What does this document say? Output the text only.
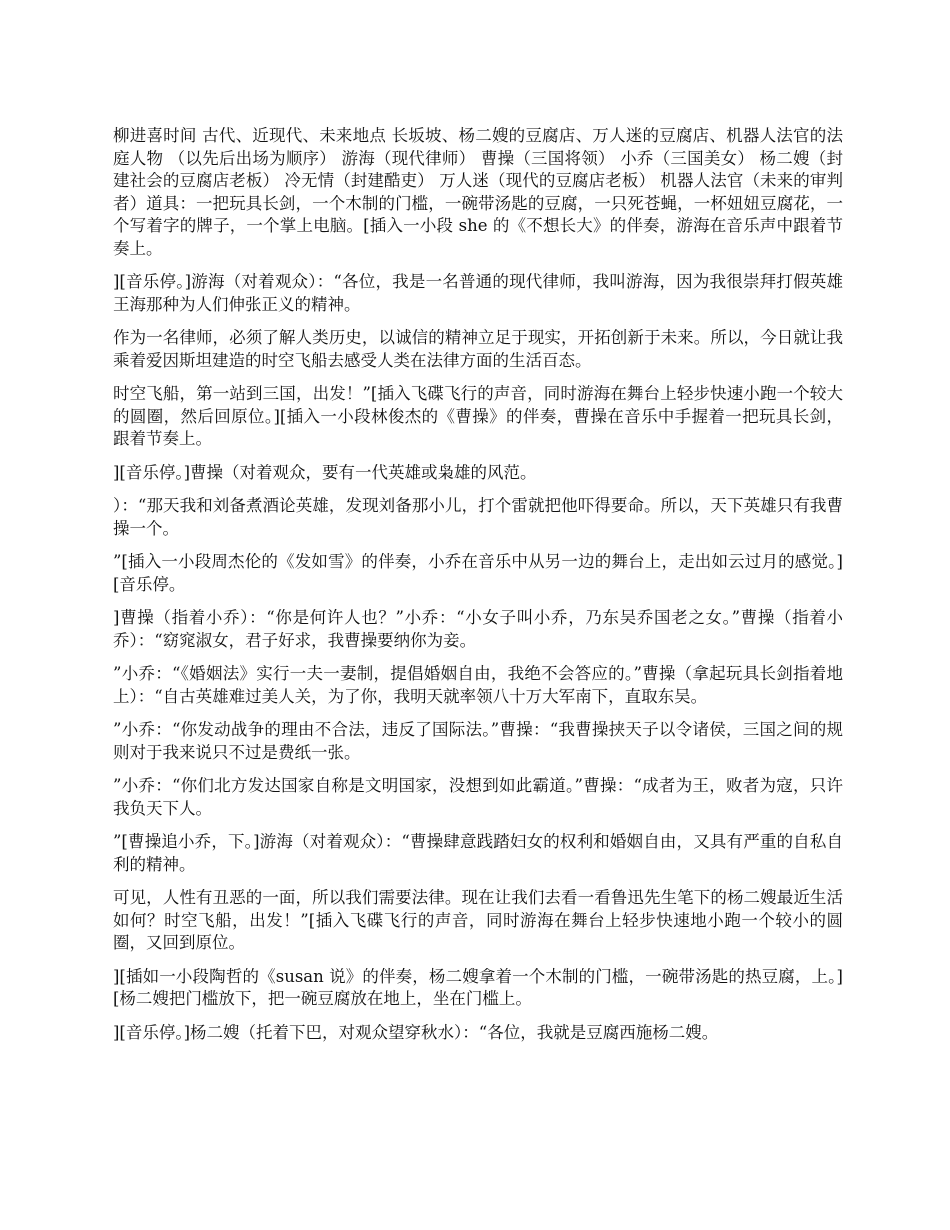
柳进喜时间 古代、近现代、未来地点 长坂坡、杨二嫂的豆腐店、万人迷的豆腐店、机器人法官的法庭人物 （以先后出场为顺序） 游海（现代律师） 曹操（三国将领） 小乔（三国美女） 杨二嫂（封建社会的豆腐店老板） 冷无情（封建酷吏） 万人迷（现代的豆腐店老板） 机器人法官（未来的审判者）道具：一把玩具长剑，一个木制的门槛，一碗带汤匙的豆腐，一只死苍蝇，一杯妞妞豆腐花，一个写着字的牌子，一个掌上电脑。[插入一小段 she 的《不想长大》的伴奏，游海在音乐声中跟着节奏上。

][音乐停。]游海（对着观众）：“各位，我是一名普通的现代律师，我叫游海，因为我很崇拜打假英雄王海那种为人们伸张正义的精神。

作为一名律师，必须了解人类历史，以诚信的精神立足于现实，开拓创新于未来。所以，今日就让我乘着爱因斯坦建造的时空飞船去感受人类在法律方面的生活百态。

时空飞船，第一站到三国，出发！”[插入飞碟飞行的声音，同时游海在舞台上轻步快速小跑一个较大的圆圈，然后回原位。][插入一小段林俊杰的《曹操》的伴奏，曹操在音乐中手握着一把玩具长剑，跟着节奏上。

][音乐停。]曹操（对着观众，要有一代英雄或枭雄的风范。

）：“那天我和刘备煮酒论英雄，发现刘备那小儿，打个雷就把他吓得要命。所以，天下英雄只有我曹操一个。

”[插入一小段周杰伦的《发如雪》的伴奏，小乔在音乐中从另一边的舞台上，走出如云过月的感觉。][音乐停。

]曹操（指着小乔）：“你是何许人也？”小乔：“小女子叫小乔，乃东吴乔国老之女。”曹操（指着小乔）：“窈窕淑女，君子好求，我曹操要纳你为妾。

”小乔：“《婚姻法》实行一夫一妻制，提倡婚姻自由，我绝不会答应的。”曹操（拿起玩具长剑指着地上）：“自古英雄难过美人关，为了你，我明天就率领八十万大军南下，直取东吴。

”小乔：“你发动战争的理由不合法，违反了国际法。”曹操：“我曹操挟天子以令诸侯，三国之间的规则对于我来说只不过是费纸一张。

”小乔：“你们北方发达国家自称是文明国家，没想到如此霸道。”曹操：“成者为王，败者为寇，只许我负天下人。

”[曹操追小乔，下。]游海（对着观众）：“曹操肆意践踏妇女的权利和婚姻自由，又具有严重的自私自利的精神。

可见，人性有丑恶的一面，所以我们需要法律。现在让我们去看一看鲁迅先生笔下的杨二嫂最近生活如何？时空飞船，出发！”[插入飞碟飞行的声音，同时游海在舞台上轻步快速地小跑一个较小的圆圈，又回到原位。

][插如一小段陶哲的《susan 说》的伴奏，杨二嫂拿着一个木制的门槛，一碗带汤匙的热豆腐，上。][杨二嫂把门槛放下，把一碗豆腐放在地上，坐在门槛上。

][音乐停。]杨二嫂（托着下巴，对观众望穿秋水）：“各位，我就是豆腐西施杨二嫂。
